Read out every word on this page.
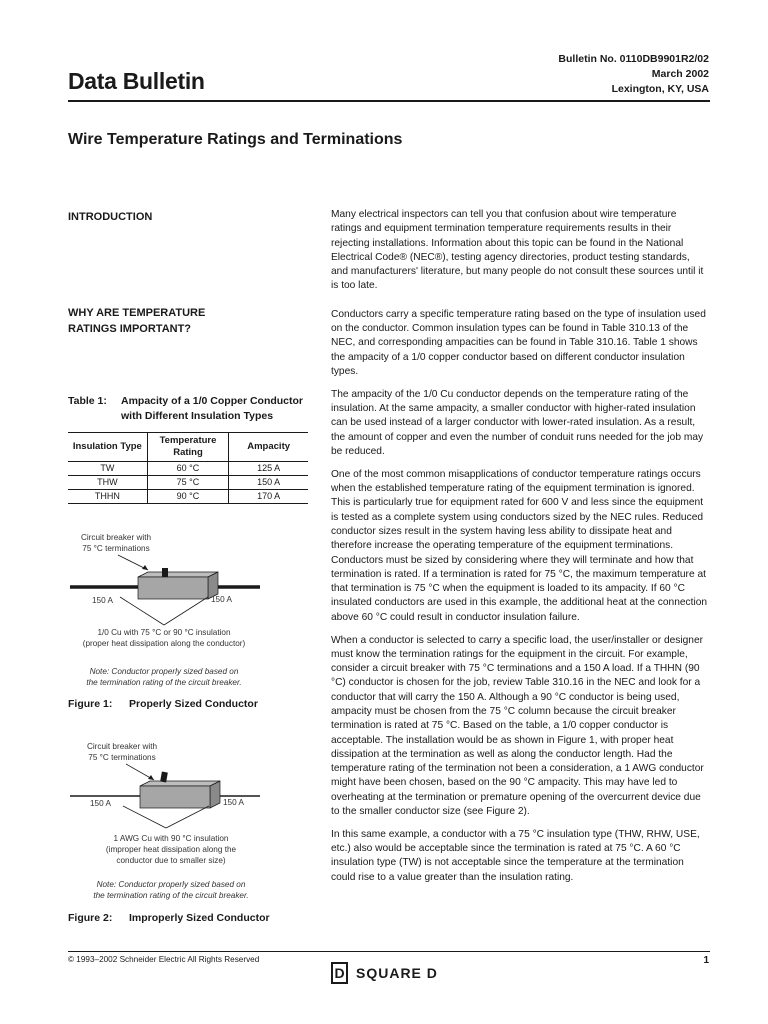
Bulletin No. 0110DB9901R2/02
March 2002
Lexington, KY, USA
Data Bulletin
Wire Temperature Ratings and Terminations
INTRODUCTION
WHY ARE TEMPERATURE RATINGS IMPORTANT?
Table 1: Ampacity of a 1/0 Copper Conductor
with Different Insulation Types
Insulation Type	Temperature Rating	Ampacity
TW	60 °C	125 A
THW	75 °C	150 A
THHN	90 °C	170 A
Circuit breaker with
75 °C terminations
150 A	150 A
1/0 Cu with 75 °C or 90 °C insulation
(proper heat dissipation along the conductor)
Note: Conductor properly sized based on
the termination rating of the circuit breaker.
Figure 1: Properly Sized Conductor
Circuit breaker with
75 °C terminations
150 A	150 A
1 AWG Cu with 90 °C insulation
(improper heat dissipation along the
conductor due to smaller size)
Note: Conductor properly sized based on
the termination rating of the circuit breaker.
Figure 2: Improperly Sized Conductor

Many electrical inspectors can tell you that confusion about wire temperature ratings and equipment termination temperature requirements results in their rejecting installations. Information about this topic can be found in the National Electrical Code® (NEC®), testing agency directories, product testing standards, and manufacturers' literature, but many people do not consult these sources until it is too late.

Conductors carry a specific temperature rating based on the type of insulation used on the conductor. Common insulation types can be found in Table 310.13 of the NEC, and corresponding ampacities can be found in Table 310.16. Table 1 shows the ampacity of a 1/0 copper conductor based on different conductor insulation types.

The ampacity of the 1/0 Cu conductor depends on the temperature rating of the insulation. At the same ampacity, a smaller conductor with higher-rated insulation can be used instead of a larger conductor with lower-rated insulation. As a result, the amount of copper and even the number of conduit runs needed for the job may be reduced.

One of the most common misapplications of conductor temperature ratings occurs when the established temperature rating of the equipment termination is ignored. This is particularly true for equipment rated for 600 V and less since the equipment is tested as a complete system using conductors sized by the NEC rules. Reduced conductor sizes result in the system having less ability to dissipate heat and therefore increase the operating temperature of the equipment terminations. Conductors must be sized by considering where they will terminate and how that termination is rated. If a termination is rated for 75 °C, the maximum temperature at that termination is 75 °C when the equipment is loaded to its ampacity. If 60 °C insulated conductors are used in this example, the additional heat at the connection above 60 °C could result in conductor insulation failure.

When a conductor is selected to carry a specific load, the user/installer or designer must know the termination ratings for the equipment in the circuit. For example, consider a circuit breaker with 75 °C terminations and a 150 A load. If a THHN (90 °C) conductor is chosen for the job, review Table 310.16 in the NEC and look for a conductor that will carry the 150 A. Although a 90 °C conductor is being used, ampacity must be chosen from the 75 °C column because the circuit breaker termination is rated at 75 °C. Based on the table, a 1/0 copper conductor is acceptable. The installation would be as shown in Figure 1, with proper heat dissipation at the termination as well as along the conductor length. Had the temperature rating of the termination not been a consideration, a 1 AWG conductor might have been chosen, based on the 90 °C ampacity. This may have led to overheating at the termination or premature opening of the overcurrent device due to the smaller conductor size (see Figure 2).

In this same example, a conductor with a 75 °C insulation type (THW, RHW, USE, etc.) also would be acceptable since the termination is rated at 75 °C. A 60 °C insulation type (TW) is not acceptable since the temperature at the termination could rise to a value greater than the insulation rating.

© 1993–2002 Schneider Electric All Rights Reserved
D SQUARE D
1
